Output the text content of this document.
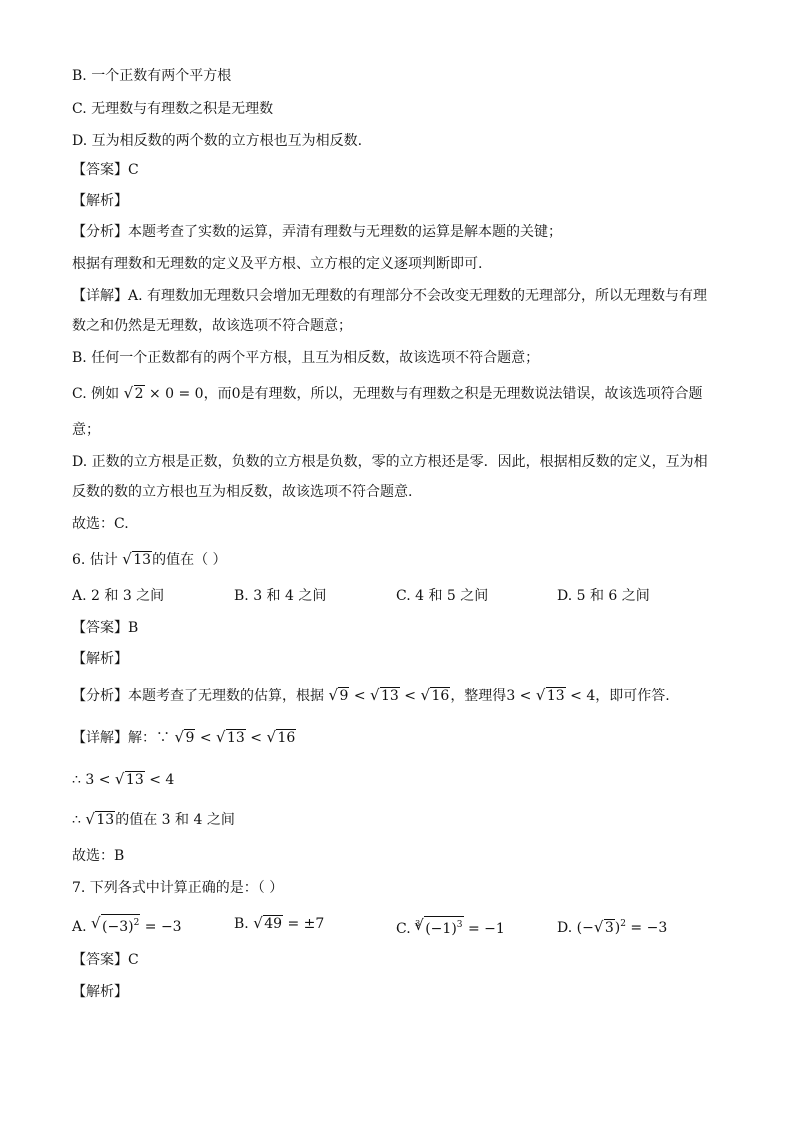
B. 一个正数有两个平方根
C. 无理数与有理数之积是无理数
D. 互为相反数的两个数的立方根也互为相反数.
【答案】C
【解析】
【分析】本题考查了实数的运算，弄清有理数与无理数的运算是解本题的关键；
根据有理数和无理数的定义及平方根、立方根的定义逐项判断即可.
【详解】A. 有理数加无理数只会增加无理数的有理部分不会改变无理数的无理部分，所以无理数与有理
数之和仍然是无理数，故该选项不符合题意；
B. 任何一个正数都有的两个平方根，且互为相反数，故该选项不符合题意；
C. 例如 √ 2 × 0 = 0，而0是有理数，所以，无理数与有理数之积是无理数说法错误，故该选项符合题
意；
D. 正数的立方根是正数，负数的立方根是负数，零的立方根还是零．因此，根据相反数的定义，互为相
反数的数的立方根也互为相反数，故该选项不符合题意.
故选：C.
6. 估计 √ 13的值在（ ）
A. 2 和 3 之间	B. 3 和 4 之间	C. 4 和 5 之间	D. 5 和 6 之间
【答案】B
【解析】
【分析】本题考查了无理数的估算，根据 √ 9 < √ 13 < √ 16，整理得3 < √ 13 < 4，即可作答.
【详解】解：∵ √ 9 < √ 13 < √ 16
∴ 3 < √ 13 < 4
∴ √ 13的值在 3 和 4 之间
故选：B
7. 下列各式中计算正确的是：（ ）
A. √ $(-3)^2 = -3$	B. √ 49 = ±7	C. $^3$ √ $(-1)^3 = -1$	D. (− √ 3)$^2$ = −3
【答案】C
【解析】
